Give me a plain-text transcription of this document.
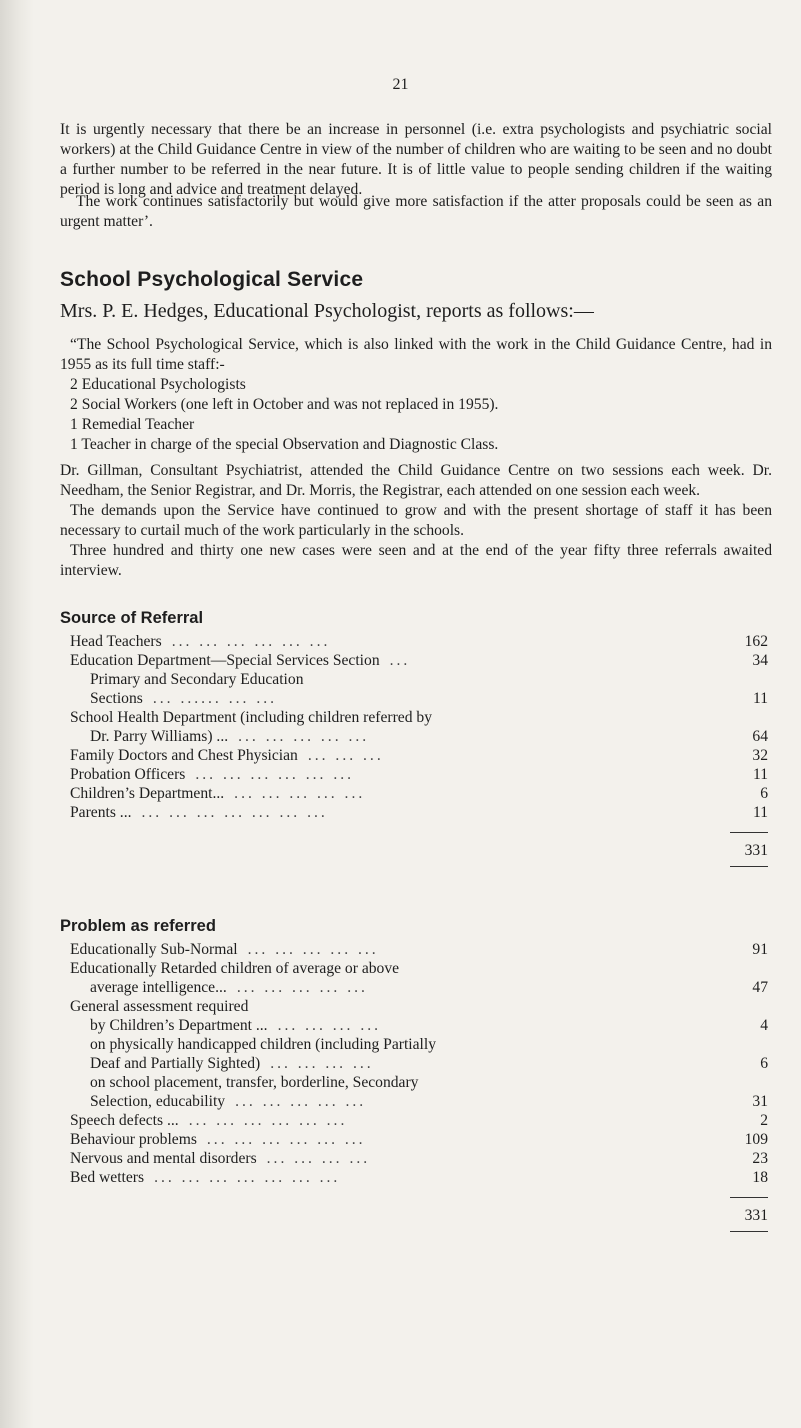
21

It is urgently necessary that there be an increase in personnel (i.e. extra psychologists and psychiatric social workers) at the Child Guidance Centre in view of the number of children who are waiting to be seen and no doubt a further number to be referred in the near future. It is of little value to people sending children if the waiting period is long and advice and treatment delayed.

The work continues satisfactorily but would give more satisfaction if the atter proposals could be seen as an urgent matter’.

School Psychological Service
Mrs. P. E. Hedges, Educational Psychologist, reports as follows:—

“The School Psychological Service, which is also linked with the work in the Child Guidance Centre, had in 1955 as its full time staff:-

2 Educational Psychologists
2 Social Workers (one left in October and was not replaced in 1955).
1 Remedial Teacher
1 Teacher in charge of the special Observation and Diagnostic Class.

Dr. Gillman, Consultant Psychiatrist, attended the Child Guidance Centre on two sessions each week. Dr. Needham, the Senior Registrar, and Dr. Morris, the Registrar, each attended on one session each week.

The demands upon the Service have continued to grow and with the present shortage of staff it has been necessary to curtail much of the work particularly in the schools.

Three hundred and thirty one new cases were seen and at the end of the year fifty three referrals awaited interview.

Source of Referral
Head Teachers ... ... ... ... ... ...	162
Education Department—Special Services Section ...	34
Primary and Secondary Education	
Sections ... ...... ... ...	11
School Health Department (including children referred by	
Dr. Parry Williams) ... ... ... ... ... ...	64
Family Doctors and Chest Physician ... ... ...	32
Probation Officers ... ... ... ... ... ...	11
Children’s Department... ... ... ... ... ...	6
Parents ... ... ... ... ... ... ... ...	11
	331
Problem as referred
Educationally Sub-Normal ... ... ... ... ...	91
Educationally Retarded children of average or above	
average intelligence... ... ... ... ... ...	47
General assessment required	
by Children’s Department ... ... ... ... ...	4
on physically handicapped children (including Partially	
Deaf and Partially Sighted) ... ... ... ...	6
on school placement, transfer, borderline, Secondary	
Selection, educability ... ... ... ... ...	31
Speech defects ... ... ... ... ... ... ...	2
Behaviour problems ... ... ... ... ... ...	109
Nervous and mental disorders ... ... ... ...	23
Bed wetters ... ... ... ... ... ... ...	18
	331
